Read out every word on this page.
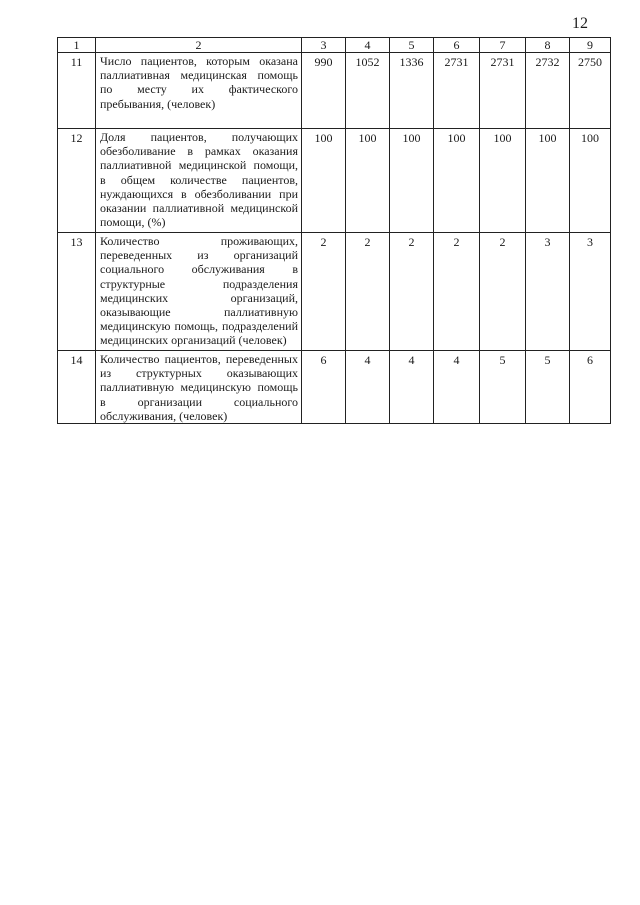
12
1	2	3	4	5	6	7	8	9
11	Число пациентов, которым оказана паллиативная медицинская помощь по месту их фактического пребывания, (человек)	990	1052	1336	2731	2731	2732	2750
12	Доля пациентов, получающих обезболивание в рамках оказания паллиативной медицинской помощи, в общем количестве пациентов, нуждающихся в обезболивании при оказании паллиативной медицинской помощи, (%)	100	100	100	100	100	100	100
13	Количество проживающих, переведенных из организаций социального обслуживания в структурные подразделения медицинских организаций, оказывающие паллиативную медицинскую помощь, подразделений медицинских организаций (человек)	2	2	2	2	2	3	3
14	Количество пациентов, переведенных из структурных оказывающих паллиативную медицинскую помощь в организации социального обслуживания, (человек)	6	4	4	4	5	5	6
